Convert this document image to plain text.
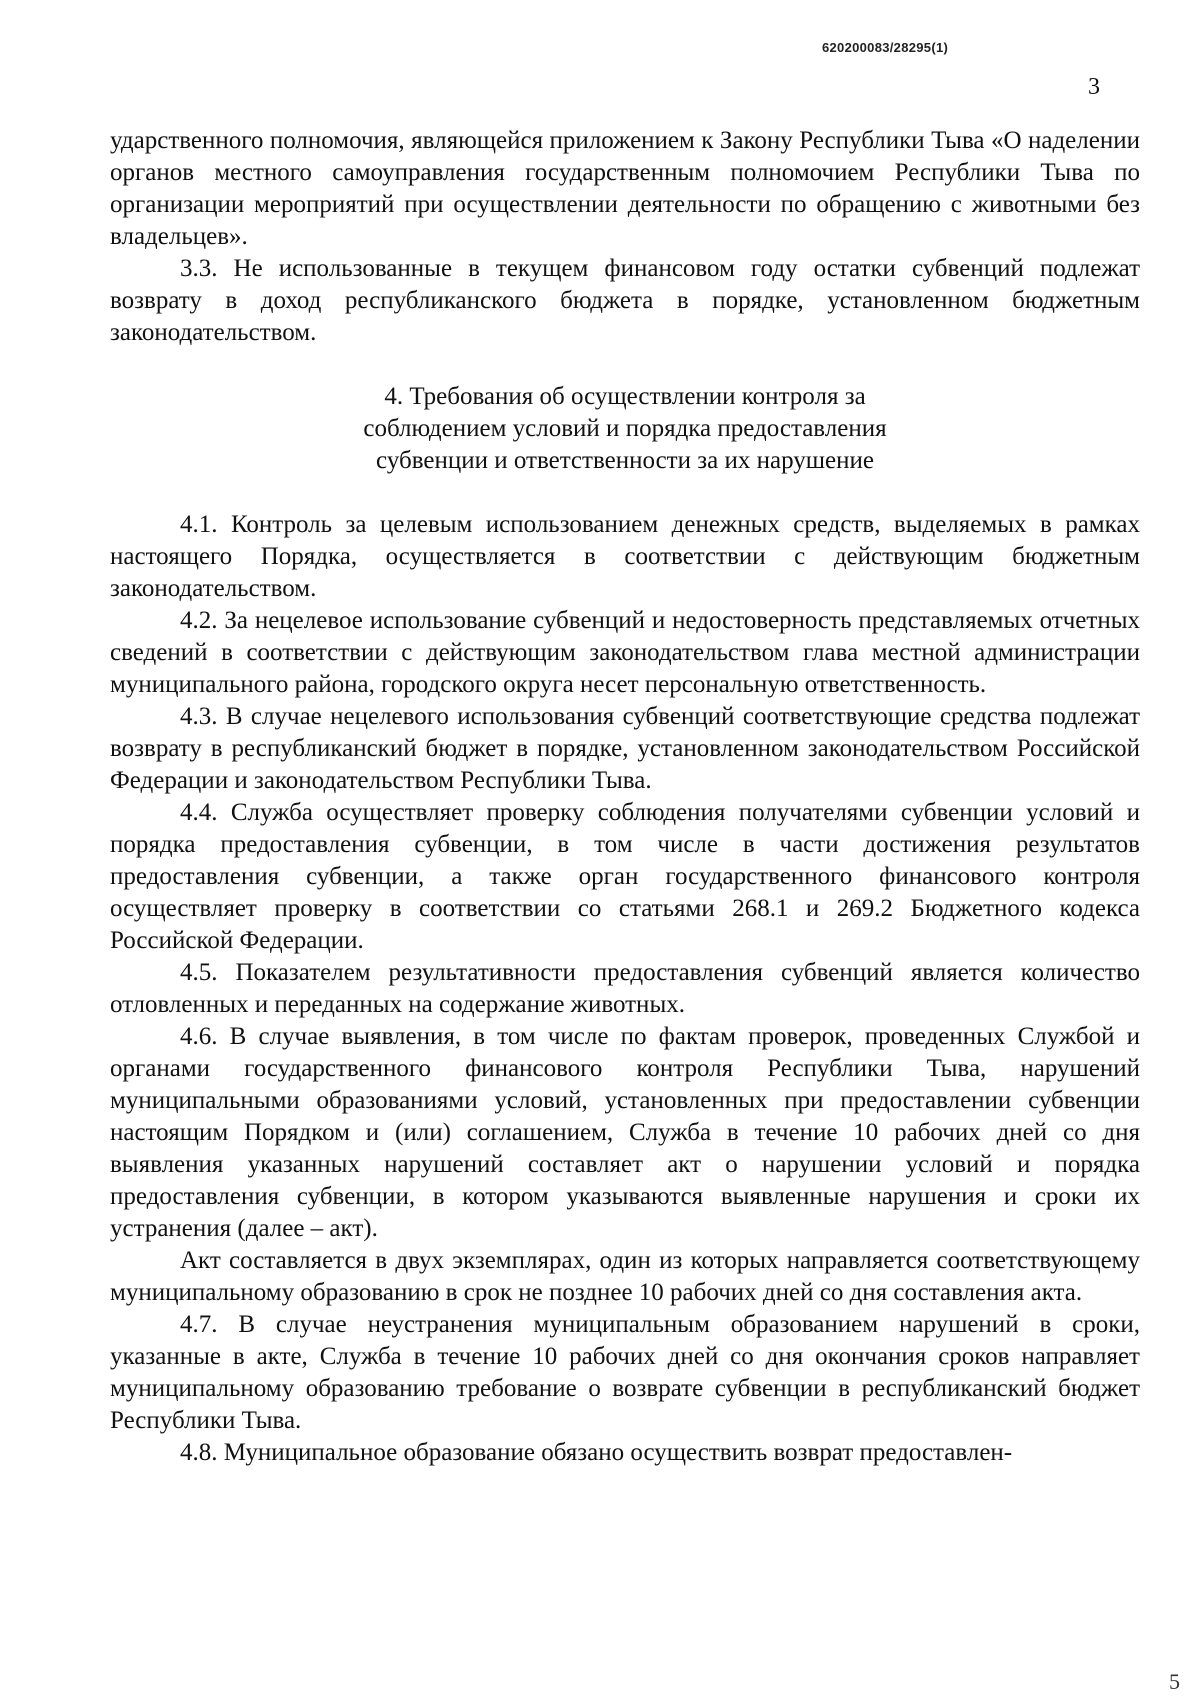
620200083/28295(1)
3

ударственного полномочия, являющейся приложением к Закону Республики Тыва «О наделении органов местного самоуправления государственным полномочием Республики Тыва по организации мероприятий при осуществлении деятельности по обращению с животными без владельцев».

3.3. Не использованные в текущем финансовом году остатки субвенций подлежат возврату в доход республиканского бюджета в порядке, установленном бюджетным законодательством.

4. Требования об осуществлении контроля за
соблюдением условий и порядка предоставления
субвенции и ответственности за их нарушение

4.1. Контроль за целевым использованием денежных средств, выделяемых в рамках настоящего Порядка, осуществляется в соответствии с действующим бюджетным законодательством.

4.2. За нецелевое использование субвенций и недостоверность представляемых отчетных сведений в соответствии с действующим законодательством глава местной администрации муниципального района, городского округа несет персональную ответственность.

4.3. В случае нецелевого использования субвенций соответствующие средства подлежат возврату в республиканский бюджет в порядке, установленном законодательством Российской Федерации и законодательством Республики Тыва.

4.4. Служба осуществляет проверку соблюдения получателями субвенции условий и порядка предоставления субвенции, в том числе в части достижения результатов предоставления субвенции, а также орган государственного финансового контроля осуществляет проверку в соответствии со статьями 268.1 и 269.2 Бюджетного кодекса Российской Федерации.

4.5. Показателем результативности предоставления субвенций является количество отловленных и переданных на содержание животных.

4.6. В случае выявления, в том числе по фактам проверок, проведенных Службой и органами государственного финансового контроля Республики Тыва, нарушений муниципальными образованиями условий, установленных при предоставлении субвенции настоящим Порядком и (или) соглашением, Служба в течение 10 рабочих дней со дня выявления указанных нарушений составляет акт о нарушении условий и порядка предоставления субвенции, в котором указываются выявленные нарушения и сроки их устранения (далее – акт).

Акт составляется в двух экземплярах, один из которых направляется соответствующему муниципальному образованию в срок не позднее 10 рабочих дней со дня составления акта.

4.7. В случае неустранения муниципальным образованием нарушений в сроки, указанные в акте, Служба в течение 10 рабочих дней со дня окончания сроков направляет муниципальному образованию требование о возврате субвенции в республиканский бюджет Республики Тыва.

4.8. Муниципальное образование обязано осуществить возврат предоставлен-

5
